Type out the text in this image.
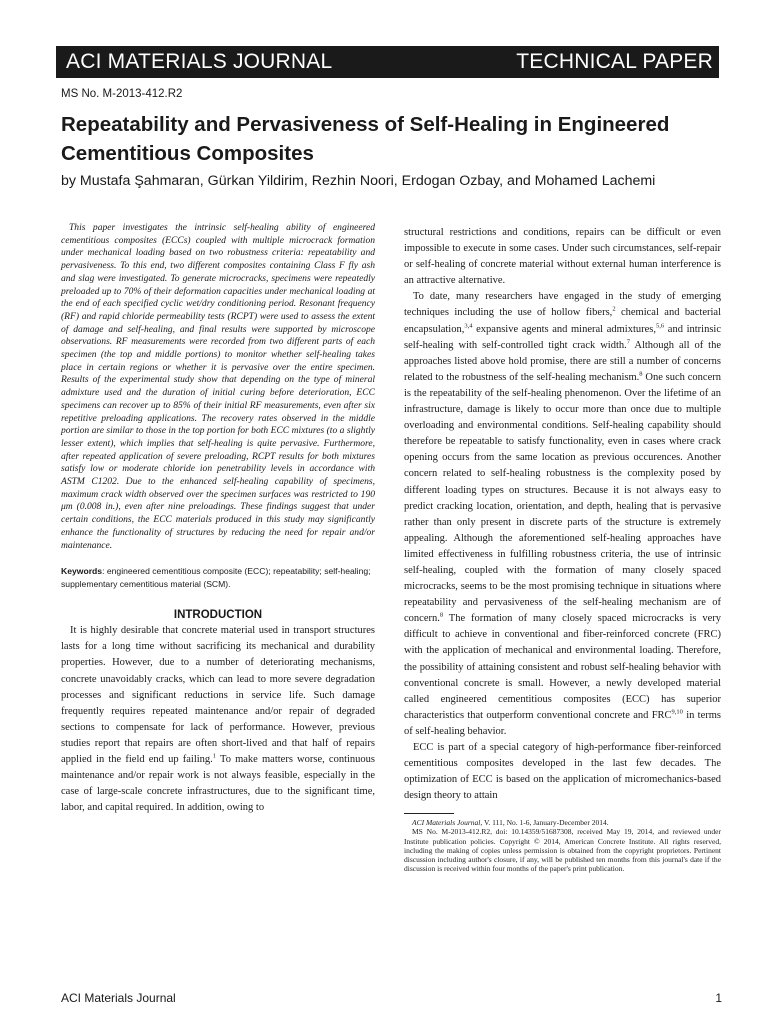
ACI MATERIALS JOURNAL	TECHNICAL PAPER
MS No. M-2013-412.R2
Repeatability and Pervasiveness of Self-Healing in Engineered Cementitious Composites
by Mustafa Şahmaran, Gürkan Yildirim, Rezhin Noori, Erdogan Ozbay, and Mohamed Lachemi

This paper investigates the intrinsic self-healing ability of engineered cementitious composites (ECCs) coupled with multiple microcrack formation under mechanical loading based on two robustness criteria: repeatability and pervasiveness. To this end, two different composites containing Class F fly ash and slag were investigated. To generate microcracks, specimens were repeatedly preloaded up to 70% of their deformation capacities under mechanical loading at the end of each specified cyclic wet/dry conditioning period. Resonant frequency (RF) and rapid chloride permeability tests (RCPT) were used to assess the extent of damage and self-healing, and final results were supported by microscope observations. RF measurements were recorded from two different parts of each specimen (the top and middle portions) to monitor whether self-healing takes place in certain regions or whether it is pervasive over the entire specimen. Results of the experimental study show that depending on the type of mineral admixture used and the duration of initial curing before deterioration, ECC specimens can recover up to 85% of their initial RF measurements, even after six repetitive preloading applications. The recovery rates observed in the middle portion are similar to those in the top portion for both ECC mixtures (to a slightly lesser extent), which implies that self-healing is quite pervasive. Furthermore, after repeated application of severe preloading, RCPT results for both mixtures satisfy low or moderate chloride ion penetrability levels in accordance with ASTM C1202. Due to the enhanced self-healing capability of specimens, maximum crack width observed over the specimen surfaces was restricted to 190 μm (0.008 in.), even after nine preloadings. These findings suggest that under certain conditions, the ECC materials produced in this study may significantly enhance the functionality of structures by reducing the need for repair and/or maintenance.

Keywords: engineered cementitious composite (ECC); repeatability; self-healing; supplementary cementitious material (SCM).

INTRODUCTION

It is highly desirable that concrete material used in transport structures lasts for a long time without sacrificing its mechanical and durability properties. However, due to a number of deteriorating mechanisms, concrete unavoidably cracks, which can lead to more severe degradation processes and significant reductions in service life. Such damage frequently requires repeated maintenance and/or repair of degraded sections to compensate for lack of performance. However, previous studies report that repairs are often short-lived and that half of repairs applied in the field end up failing.$^1$ To make matters worse, continuous maintenance and/or repair work is not always feasible, especially in the case of large-scale concrete infrastructures, due to the significant time, labor, and capital required. In addition, owing to

structural restrictions and conditions, repairs can be difficult or even impossible to execute in some cases. Under such circumstances, self-repair or self-healing of concrete material without external human interference is an attractive alternative.

To date, many researchers have engaged in the study of emerging techniques including the use of hollow fibers,$^2$ chemical and bacterial encapsulation,$^{3,4}$ expansive agents and mineral admixtures,$^{5,6}$ and intrinsic self-healing with self-controlled tight crack width.$^7$ Although all of the approaches listed above hold promise, there are still a number of concerns related to the robustness of the self-healing mechanism.$^8$ One such concern is the repeatability of the self-healing phenomenon. Over the lifetime of an infrastructure, damage is likely to occur more than once due to multiple overloading and environmental conditions. Self-healing capability should therefore be repeatable to satisfy functionality, even in cases where crack opening occurs from the same location as previous occurences. Another concern related to self-healing robustness is the complexity posed by different loading types on structures. Because it is not always easy to predict cracking location, orientation, and depth, healing that is pervasive rather than only present in discrete parts of the structure is extremely appealing. Although the aforementioned self-healing approaches have limited effectiveness in fulfilling robustness criteria, the use of intrinsic self-healing, coupled with the formation of many closely spaced microcracks, seems to be the most promising technique in situations where repeatability and pervasiveness of the self-healing mechanism are of concern.$^8$ The formation of many closely spaced microcracks is very difficult to achieve in conventional and fiber-reinforced concrete (FRC) with the application of mechanical and environmental loading. Therefore, the possibility of attaining consistent and robust self-healing behavior with conventional concrete is small. However, a newly developed material called engineered cementitious composites (ECC) has superior characteristics that outperform conventional concrete and FRC$^{9,10}$ in terms of self-healing behavior.

ECC is part of a special category of high-performance fiber-reinforced cementitious composites developed in the last few decades. The optimization of ECC is based on the application of micromechanics-based design theory to attain

ACI Materials Journal, V. 111, No. 1-6, January-December 2014.

MS No. M-2013-412.R2, doi: 10.14359/51687308, received May 19, 2014, and reviewed under Institute publication policies. Copyright © 2014, American Concrete Institute. All rights reserved, including the making of copies unless permission is obtained from the copyright proprietors. Pertinent discussion including author's closure, if any, will be published ten months from this journal's date if the discussion is received within four months of the paper's print publication.

ACI Materials Journal	1
